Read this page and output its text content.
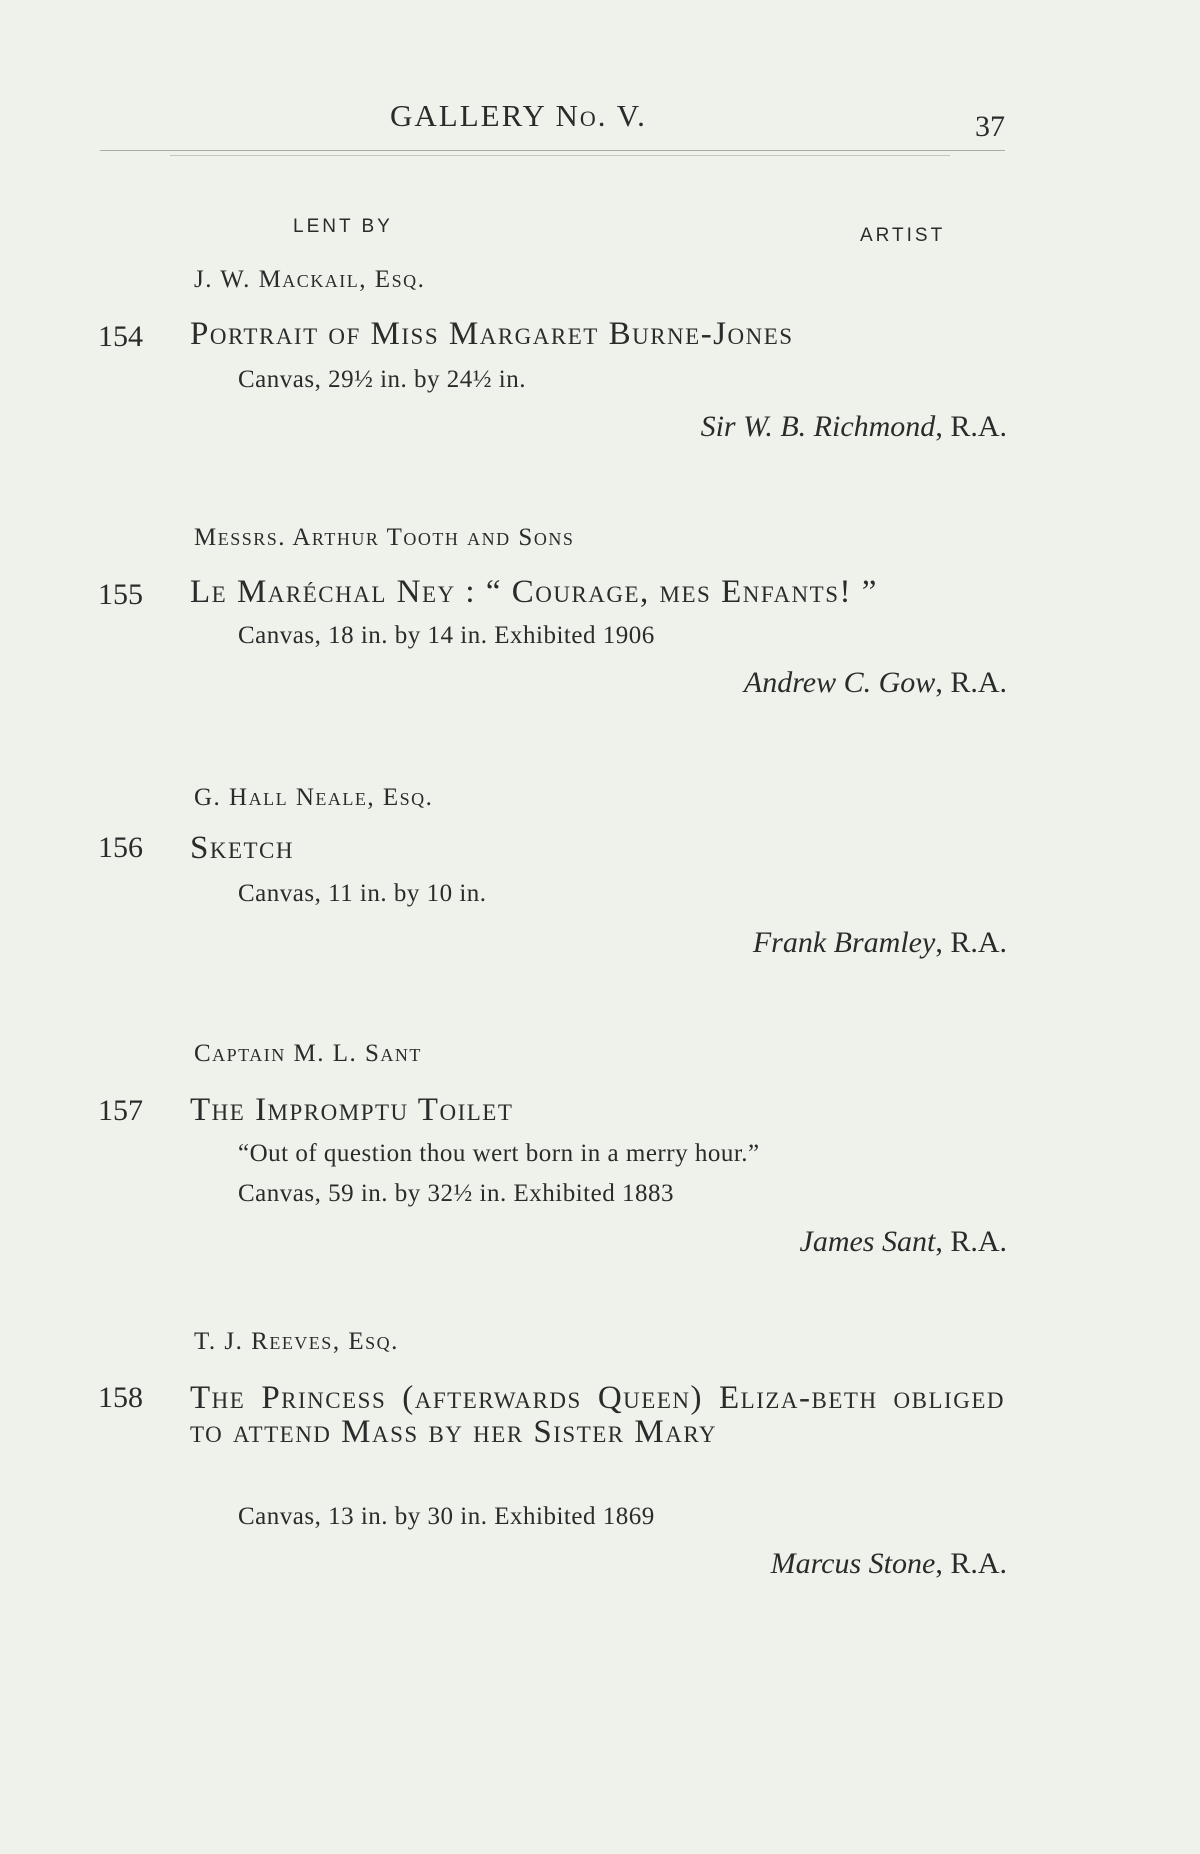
GALLERY No. V.	37
LENT BY	ARTIST
J. W. Mackail, Esq.
154 Portrait of Miss Margaret Burne-Jones
Canvas, 29½ in. by 24½ in.
Sir W. B. Richmond, R.A.
Messrs. Arthur Tooth and Sons
155 Le Maréchal Ney : “ Courage, mes Enfants! ”
Canvas, 18 in. by 14 in. Exhibited 1906
Andrew C. Gow, R.A.
G. Hall Neale, Esq.
156 Sketch
Canvas, 11 in. by 10 in.
Frank Bramley, R.A.
Captain M. L. Sant
157 The Impromptu Toilet
“Out of question thou wert born in a merry hour.”
Canvas, 59 in. by 32½ in. Exhibited 1883
James Sant, R.A.
T. J. Reeves, Esq.
158 The Princess (afterwards Queen) Eliza-beth obliged to attend Mass by her Sister Mary
Canvas, 13 in. by 30 in. Exhibited 1869
Marcus Stone, R.A.
